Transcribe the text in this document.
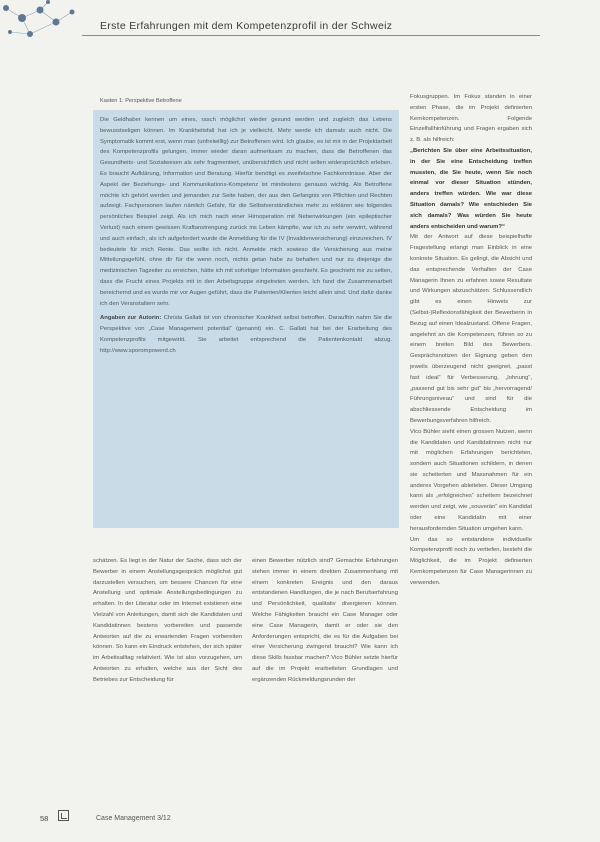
Erste Erfahrungen mit dem Kompetenzprofil in der Schweiz
Kasten 1: Perspektive Betroffene

Die Geldhaber kennen um eines, rasch möglichst wieder gesund werden und zugleich das Lebens bewusstseligen können. Im Krankheitsfall hat ich je vielleicht. Mehr werde ich damals auch nicht. Die Symptomatik kommt erst, wenn man (unfreiwillig) zur Betroffenen wird. Ich glaube, es ist mir in der Projektarbeit des Kompetenzprofils gelungen, immer wieder daran aufmerksam zu machen, dass die Betroffenen das Gesundheits- und Sozialwesen als sehr fragmentiert, unübersichtlich und nicht selten widersprüchlich erleben. Es braucht Aufklärung, Information und Beratung. Hierfür benötigt es zweifelsohne Fachkenntnisse. Aber der Aspekt der Beziehungs- und Kommunikations-Kompetenz ist mindestens genauso wichtig. Als Betroffene möchte ich gehört werden und jemanden zur Seite haben, der aus den Gefangnis von Pflichten und Rechten aufzeigt. Fachpersonen laufen nämlich Gefahr, für die Selbstverständliches mehr zu erklären wie folgendes persönliches Beispiel zeigt. Als ich mich nach einer Hirnoperation mit Nebenwirkungen (ein epileptischer Verlust) nach einem gewissen Kraftanstrengung zurück ins Leben kämpfte, war ich zu sehr verwirrt, während und auch einfach, als ich aufgefordert wurde die Anmeldung für die IV (Invalidenversicherung) einzureichen. IV bedeutete für mich Rente. Das wollte ich nicht. Anmelde mich sowieso die Versicherung aus meine Mitteilungsgefühl, ohne dir für die wenn noch, nichts getan habe zu behalten und nur zu diejenige die medizinischen Tagzeiter zu erreichen, hätte ich mit sofortiger Information geschieht. Es geschieht mir zu selten, dass die Frucht eines Projekts mit in den Arbeitsgruppe eingetreten werden. Ich fand die Zusammenarbeit bereichernd und es wurde mir vor Augen geführt, dass die Patienten/Klienten leicht allein sind. Und dafür danke ich den Veranstaltern sehr.

Angaben zur Autorin: Christa Gallati ist von chronischer Krankheit selbst betroffen. Daraufhin nahm Sie die Perspektive von „Case Management potential“ (genannt) ein. C. Gallati hat bei der Erarbeitung des Kompetenzprofils mitgewirkt. Sie arbeitet entsprechend die Patientenkontakt abzug. http://www.sporompowerd.ch

Fokusgruppen. Im Fokus standen in einer ersten Phase, die im Projekt definierten Kernkompetenzen. Folgende Einzelfallhinführung und Fragen ergaben sich z. B. als hilfreich:

„Berichten Sie über eine Arbeitssituation, in der Sie eine Entscheidung treffen mussten, die Sie heute, wenn Sie noch einmal vor dieser Situation stünden, anders treffen würden. Wie war diese Situation damals? Wie entschieden Sie sich damals? Was würden Sie heute anders entscheiden und warum?“

Mit der Antwort auf diese beispielhafte Fragestellung erlangt man Einblick in eine konkrete Situation. Es gelingt, die Absicht und das entsprechende Verhalten der Case Managerin Ihnen zu erfahren sowie Resultate und Wirkungen abzuschätzen. Schlussendlich gibt es einen Hinweis zur (Selbst-)Reflexionsfähigkeit der Bewerberin in Bezug auf einen Idealzustand. Offene Fragen, angelehnt an die Kompetenzen, führen so zu einem breiten Bild des Bewerbers. Gesprächsnotizen der Eignung geben den jeweils überzeugend nicht geeignet, „passt fast ideal“ für Verbesserung, „lohnung“, „passend gut bis sehr gut“ bis „hervorragend/ Führungsniveau“ und sind für die abschliessende Entscheidung im Bewerbungsverfahren hilfreich.

Vico Bühler sieht einen grossen Nutzen, wenn die Kandidaten und Kandidatinnen nicht nur mit möglichen Erfahrungen berichteten, sondern auch Situationen schildern, in denen sie scheiterten und Massnahmen für ein anderes Vorgehen ableiteten. Dieser Umgang kann als „erfolgreiches“ scheitern bezeichnet werden und zeigt, wie „souverän“ ein Kandidat oder eine Kandidatin mit einer herausfordernden Situation umgehen kann.

Um das so entstandene individuelle Kompetenzprofil noch zu vertiefen, besteht die Möglichkeit, die im Projekt definierten Kernkompetenzen für Case Managerinnen zu verwenden.

schätzen. Es liegt in der Natur der Sache, dass sich der Bewerber in einem Anstellungsgespräch möglichst gut darzustellen versuchen, um bessere Chancen für eine Anstellung und optimale Anstellungsbedingungen zu erhalten. In der Literatur oder im Internet existieren eine Vielzahl von Anleitungen, damit sich die Kandidaten und Kandidatinnen bestens vorbereiten und passende Antworten auf die zu erwartenden Fragen vorbereiten können. So kann ein Eindruck entstehen, der sich später im Arbeitsalltag relativiert. Wie ist also vorzugehen, um Antworten zu erhalten, welche aus der Sicht des Betriebes zur Entscheidung für

einen Bewerber nützlich sind? Gemachte Erfahrungen stehen immer in einem direkten Zusammenhang mit einem konkreten Ereignis und den daraus entstandenen Handlungen, die je nach Berufserfahrung und Persönlichkeit, qualitativ divergieren können. Welche Fähigkeiten braucht ein Case Manager oder eine Case Managerin, damit er oder sie den Anforderungen entspricht, die es für die Aufgaben bei einer Versicherung zwingend braucht? Wie kann ich diese Skills fassbar machen? Vico Bühler setzte hierfür auf die im Projekt erarbeiteten Grundlagen und ergänzenden Rückmeldungsrunden der

58	Case Management 3/12
